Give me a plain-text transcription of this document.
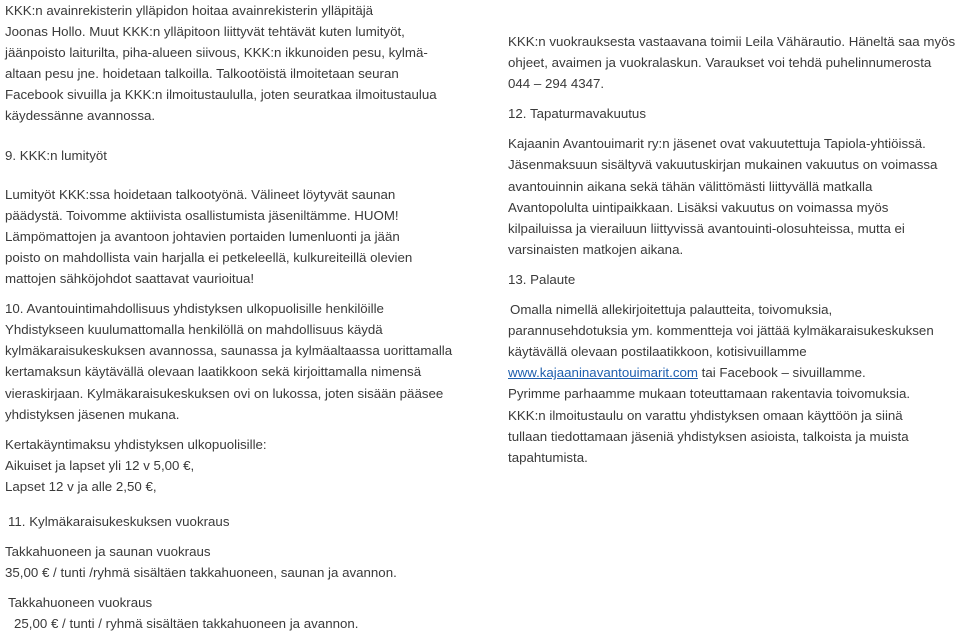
KKK:n avainrekisterin ylläpidon hoitaa avainrekisterin ylläpitäjä
Joonas Hollo. Muut KKK:n ylläpitoon liittyvät tehtävät kuten lumityöt,
jäänpoisto laiturilta, piha-alueen siivous, KKK:n ikkunoiden pesu, kylmä-
altaan pesu jne. hoidetaan talkoilla. Talkootöistä ilmoitetaan seuran
Facebook sivuilla ja KKK:n ilmoitustaululla, joten seuratkaa ilmoitustaulua
käydessänne avannossa.
9. KKK:n lumityöt
Lumityöt KKK:ssa hoidetaan talkootyönä. Välineet löytyvät saunan
päädystä. Toivomme aktiivista osallistumista jäseniltämme. HUOM!
Lämpömattojen ja avantoon johtavien portaiden lumenluonti ja jään
poisto on mahdollista vain harjalla ei petkeleellä, kulkureiteillä olevien
mattojen sähköjohdot saattavat vaurioitua!
10. Avantouintimahdollisuus yhdistyksen ulkopuolisille henkilöille
Yhdistykseen kuulumattomalla henkilöllä on mahdollisuus käydä
kylmäkaraisukeskuksen avannossa, saunassa ja kylmäaltaassa uorittamalla
kertamaksun käytävällä olevaan laatikkoon sekä kirjoittamalla nimensä
vieraskirjaan. Kylmäkaraisukeskuksen ovi on lukossa, joten sisään pääsee
yhdistyksen jäsenen mukana.
Kertakäyntimaksu yhdistyksen ulkopuolisille:
Aikuiset ja lapset yli 12 v 5,00 €,
Lapset 12 v ja alle 2,50 €,
11. Kylmäkaraisukeskuksen vuokraus
Takkahuoneen ja saunan vuokraus
35,00 € / tunti /ryhmä sisältäen takkahuoneen, saunan ja avannon.
Takkahuoneen vuokraus
25,00 € / tunti / ryhmä sisältäen takkahuoneen ja avannon.
KKK:n vuokrauksesta vastaavana toimii Leila Vähärautio. Häneltä saa myös
ohjeet, avaimen ja vuokralaskun. Varaukset voi tehdä puhelinnumerosta
044 – 294 4347.
12. Tapaturmavakuutus
Kajaanin Avantouimarit ry:n jäsenet ovat vakuutettuja Tapiola-yhtiöissä.
Jäsenmaksuun sisältyvä vakuutuskirjan mukainen vakuutus on voimassa
avantouinnin aikana sekä tähän välittömästi liittyvällä matkalla
Avantopolulta uintipaikkaan. Lisäksi vakuutus on voimassa myös
kilpailuissa ja vierailuun liittyvissä avantouinti-olosuhteissa, mutta ei
varsinaisten matkojen aikana.
13. Palaute
Omalla nimellä allekirjoitettuja palautteita, toivomuksia,
parannusehdotuksia ym. kommentteja voi jättää kylmäkaraisukeskuksen
käytävällä olevaan postilaatikkoon, kotisivuillamme
www.kajaaninavantouimarit.com tai Facebook – sivuillamme.
Pyrimme parhaamme mukaan toteuttamaan rakentavia toivomuksia.
KKK:n ilmoitustaulu on varattu yhdistyksen omaan käyttöön ja siinä
tullaan tiedottamaan jäseniä yhdistyksen asioista, talkoista ja muista
tapahtumista.
